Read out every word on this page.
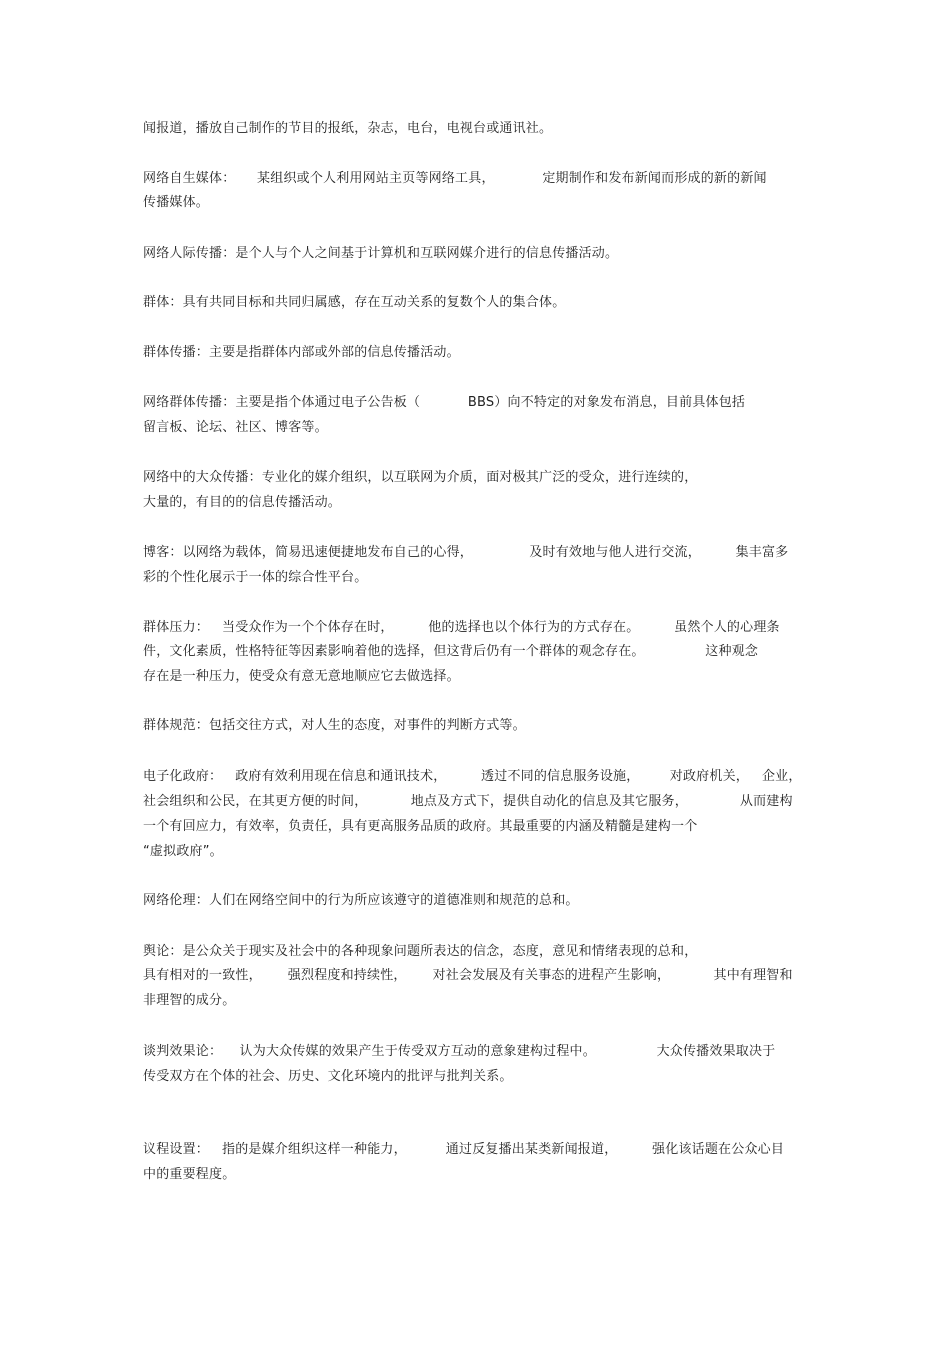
闻报道，播放自己制作的节目的报纸，杂志，电台，电视台或通讯社。
网络自生媒体：     某组织或个人利用网站主页等网络工具，           定期制作和发布新闻而形成的新的新闻
传播媒体。
网络人际传播：是个人与个人之间基于计算机和互联网媒介进行的信息传播活动。
群体：具有共同目标和共同归属感，存在互动关系的复数个人的集合体。
群体传播：主要是指群体内部或外部的信息传播活动。
网络群体传播：主要是指个体通过电子公告板（           BBS）向不特定的对象发布消息，目前具体包括
留言板、论坛、社区、博客等。
网络中的大众传播：专业化的媒介组织，以互联网为介质，面对极其广泛的受众，进行连续的，
大量的，有目的的信息传播活动。
博客：以网络为载体，简易迅速便捷地发布自己的心得，             及时有效地与他人进行交流，        集丰富多
彩的个性化展示于一体的综合性平台。
群体压力：   当受众作为一个个体存在时，        他的选择也以个体行为的方式存在。        虽然个人的心理条
件，文化素质，性格特征等因素影响着他的选择，但这背后仍有一个群体的观念存在。              这种观念
存在是一种压力，使受众有意无意地顺应它去做选择。
群体规范：包括交往方式，对人生的态度，对事件的判断方式等。
电子化政府：   政府有效利用现在信息和通讯技术，        透过不同的信息服务设施，       对政府机关，   企业，
社会组织和公民，在其更方便的时间，          地点及方式下，提供自动化的信息及其它服务，            从而建构
一个有回应力，有效率，负责任，具有更高服务品质的政府。其最重要的内涵及精髓是建构一个
“虚拟政府”。
网络伦理：人们在网络空间中的行为所应该遵守的道德准则和规范的总和。
舆论：是公众关于现实及社会中的各种现象问题所表达的信念，态度，意见和情绪表现的总和，
具有相对的一致性，      强烈程度和持续性，      对社会发展及有关事态的进程产生影响，          其中有理智和
非理智的成分。
谈判效果论：    认为大众传媒的效果产生于传受双方互动的意象建构过程中。              大众传播效果取决于
传受双方在个体的社会、历史、文化环境内的批评与批判关系。
议程设置：   指的是媒介组织这样一种能力，         通过反复播出某类新闻报道，        强化该话题在公众心目
中的重要程度。
